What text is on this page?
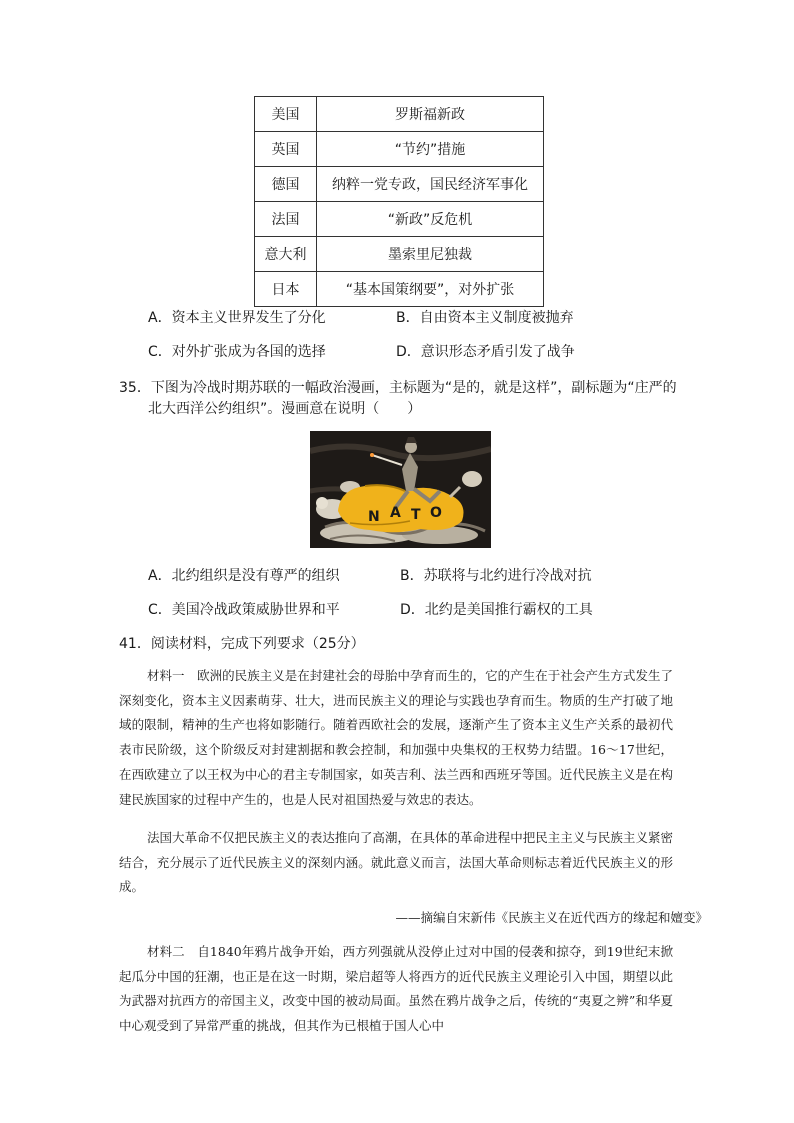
美国	罗斯福新政
英国	“节约”措施
德国	纳粹一党专政，国民经济军事化
法国	“新政”反危机
意大利	墨索里尼独裁
日本	“基本国策纲要”，对外扩张
A．资本主义世界发生了分化	B．自由资本主义制度被抛弃
C．对外扩张成为各国的选择	D．意识形态矛盾引发了战争
35．下图为冷战时期苏联的一幅政治漫画，主标题为“是的，就是这样”，副标题为“庄严的
北大西洋公约组织”。漫画意在说明（　　）
N A T O
A．北约组织是没有尊严的组织	B．苏联将与北约进行冷战对抗
C．美国冷战政策威胁世界和平	D．北约是美国推行霸权的工具
41．阅读材料，完成下列要求（25分）

材料一　欧洲的民族主义是在封建社会的母胎中孕育而生的，它的产生在于社会产生方式发生了深刻变化，资本主义因素萌芽、壮大，进而民族主义的理论与实践也孕育而生。物质的生产打破了地域的限制，精神的生产也将如影随行。随着西欧社会的发展，逐渐产生了资本主义生产关系的最初代表市民阶级，这个阶级反对封建割据和教会控制，和加强中央集权的王权势力结盟。16～17世纪，在西欧建立了以王权为中心的君主专制国家，如英吉利、法兰西和西班牙等国。近代民族主义是在构建民族国家的过程中产生的，也是人民对祖国热爱与效忠的表达。

法国大革命不仅把民族主义的表达推向了高潮，在具体的革命进程中把民主主义与民族主义紧密结合，充分展示了近代民族主义的深刻内涵。就此意义而言，法国大革命则标志着近代民族主义的形成。

——摘编自宋新伟《民族主义在近代西方的缘起和嬗变》

材料二　自1840年鸦片战争开始，西方列强就从没停止过对中国的侵袭和掠夺，到19世纪末掀起瓜分中国的狂潮，也正是在这一时期，梁启超等人将西方的近代民族主义理论引入中国，期望以此为武器对抗西方的帝国主义，改变中国的被动局面。虽然在鸦片战争之后，传统的“夷夏之辨”和华夏中心观受到了异常严重的挑战，但其作为已根植于国人心中
